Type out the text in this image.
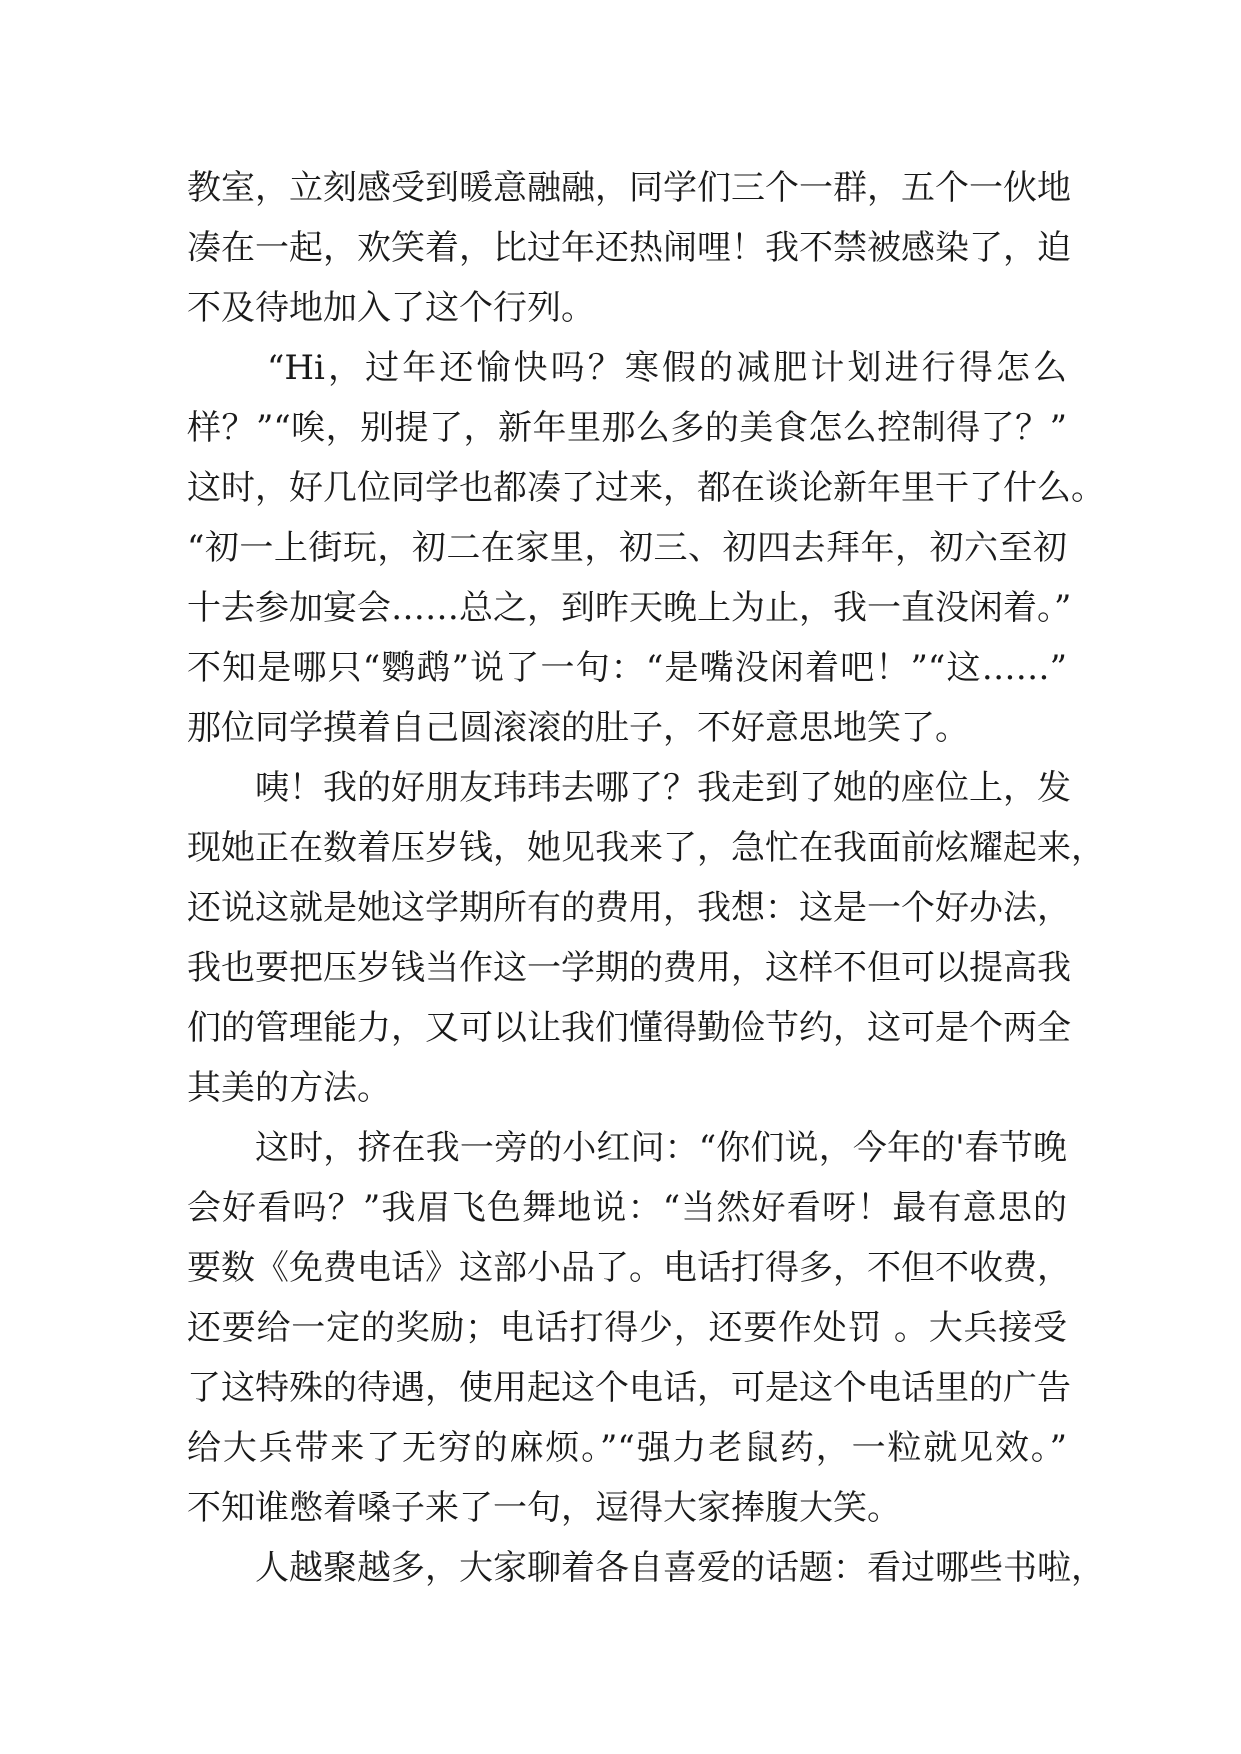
教室，立刻感受到暖意融融，同学们三个一群，五个一伙地
凑在一起，欢笑着，比过年还热闹哩！我不禁被感染了，迫
不及待地加入了这个行列。
“Hi，过年还愉快吗？寒假的减肥计划进行得怎么
样？”“唉，别提了，新年里那么多的美食怎么控制得了？”
这时，好几位同学也都凑了过来，都在谈论新年里干了什么。
“初一上街玩，初二在家里，初三、初四去拜年，初六至初
十去参加宴会……总之，到昨天晚上为止，我一直没闲着。”
不知是哪只“鹦鹉”说了一句：“是嘴没闲着吧！”“这……”
那位同学摸着自己圆滚滚的肚子，不好意思地笑了。
咦！我的好朋友玮玮去哪了？我走到了她的座位上，发
现她正在数着压岁钱，她见我来了，急忙在我面前炫耀起来，
还说这就是她这学期所有的费用，我想：这是一个好办法，
我也要把压岁钱当作这一学期的费用，这样不但可以提高我
们的管理能力，又可以让我们懂得勤俭节约，这可是个两全
其美的方法。
这时，挤在我一旁的小红问：“你们说，今年的'春节晚
会好看吗？”我眉飞色舞地说：“当然好看呀！最有意思的
要数《免费电话》这部小品了。电话打得多，不但不收费，
还要给一定的奖励；电话打得少，还要作处罚 。大兵接受
了这特殊的待遇，使用起这个电话，可是这个电话里的广告
给大兵带来了无穷的麻烦。”“强力老鼠药，一粒就见效。”
不知谁憋着嗓子来了一句，逗得大家捧腹大笑。
人越聚越多，大家聊着各自喜爱的话题：看过哪些书啦，
